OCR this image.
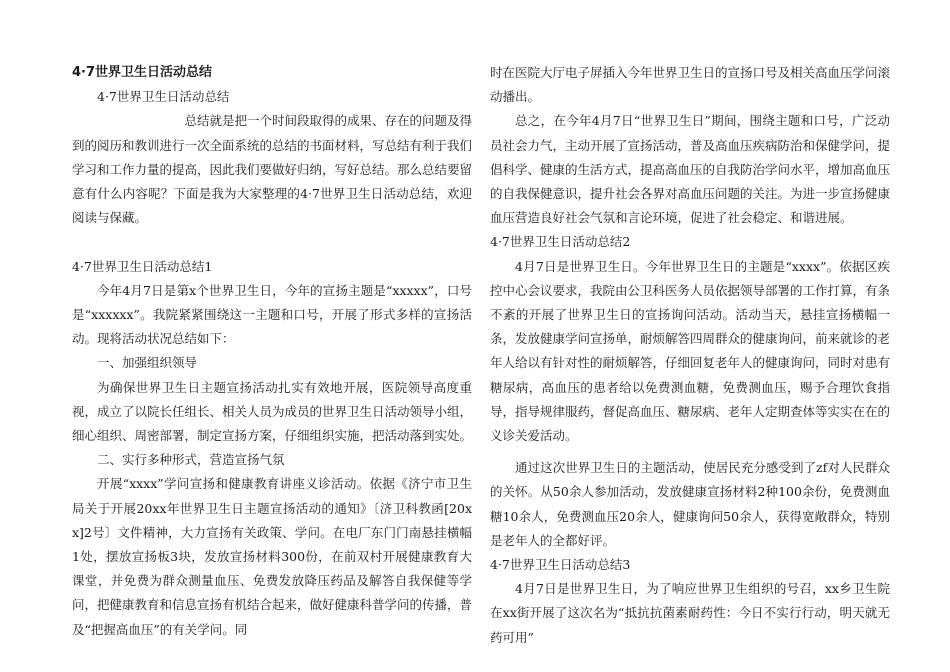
4·7世界卫生日活动总结

4·7世界卫生日活动总结

总结就是把一个时间段取得的成果、存在的问题及得到的阅历和教训进行一次全面系统的总结的书面材料，写总结有利于我们学习和工作力量的提高，因此我们要做好归纳，写好总结。那么总结要留意有什么内容呢？下面是我为大家整理的4·7世界卫生日活动总结，欢迎阅读与保藏。

4·7世界卫生日活动总结1

今年4月7日是第x个世界卫生日，今年的宣扬主题是“xxxxx”，口号是“xxxxxx”。我院紧紧围绕这一主题和口号，开展了形式多样的宣扬活动。现将活动状况总结如下：

一、加强组织领导

为确保世界卫生日主题宣扬活动扎实有效地开展，医院领导高度重视，成立了以院长任组长、相关人员为成员的世界卫生日活动领导小组，细心组织、周密部署，制定宣扬方案，仔细组织实施，把活动落到实处。

二、实行多种形式，营造宣扬气氛

开展“xxxx”学问宣扬和健康教育讲座义诊活动。依据《济宁市卫生局关于开展20xx年世界卫生日主题宣扬活动的通知》〔济卫科教函[20xx]2号〕文件精神，大力宣扬有关政策、学问。在电厂东门门南悬挂横幅1处，摆放宣扬板3块，发放宣扬材料300份，在前双村开展健康教育大课堂，并免费为群众测量血压、免费发放降压药品及解答自我保健等学问，把健康教育和信息宣扬有机结合起来，做好健康科普学问的传播，普及“把握高血压”的有关学问。同

时在医院大厅电子屏插入今年世界卫生日的宣扬口号及相关高血压学问滚动播出。

总之，在今年4月7日“世界卫生日”期间，围绕主题和口号，广泛动员社会力气，主动开展了宣扬活动，普及高血压疾病防治和保健学问，提倡科学、健康的生活方式，提高高血压的自我防治学问水平，增加高血压的自我保健意识，提升社会各界对高血压问题的关注。为进一步宣扬健康血压营造良好社会气氛和言论环境，促进了社会稳定、和谐进展。

4·7世界卫生日活动总结2

4月7日是世界卫生日。今年世界卫生日的主题是“xxxx”。依据区疾控中心会议要求，我院由公卫科医务人员依据领导部署的工作打算，有条不紊的开展了世界卫生日的宣扬询问活动。活动当天，悬挂宣扬横幅一条，发放健康学问宣扬单，耐烦解答四周群众的健康询问，前来就诊的老年人给以有针对性的耐烦解答，仔细回复老年人的健康询问，同时对患有糖尿病，高血压的患者给以免费测血糖，免费测血压，赐予合理饮食指导，指导规律服药，督促高血压、糖尿病、老年人定期查体等实实在在的义诊关爱活动。

通过这次世界卫生日的主题活动，使居民充分感受到了zf对人民群众的关怀。从50余人参加活动，发放健康宣扬材料2种100余份，免费测血糖10余人，免费测血压20余人，健康询问50余人，获得宽敞群众，特别是老年人的全都好评。

4·7世界卫生日活动总结3

4月7日是世界卫生日，为了响应世界卫生组织的号召，xx乡卫生院在xx街开展了这次名为“抵抗抗菌素耐药性：今日不实行行动，明天就无药可用”
